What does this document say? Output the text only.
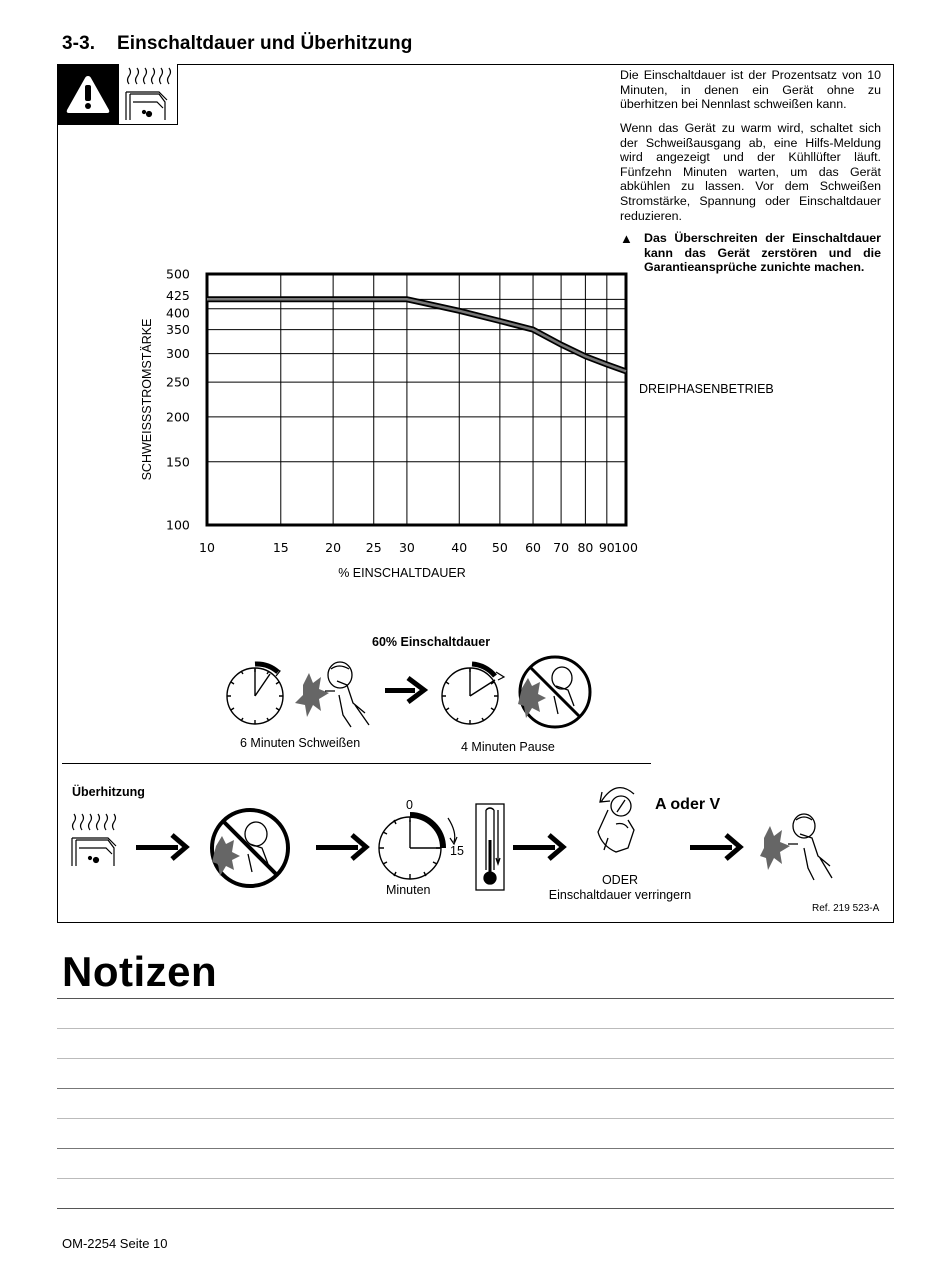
3-3. Einschaltdauer und Überhitzung
Die Einschaltdauer ist der Prozentsatz von 10 Minuten, in denen ein Gerät ohne zu überhitzen bei Nennlast schweißen kann.
Wenn das Gerät zu warm wird, schaltet sich der Schweißausgang ab, eine Hilfs-Meldung wird angezeigt und der Kühllüfter läuft. Fünfzehn Minuten warten, um das Gerät abkühlen zu lassen. Vor dem Schweißen Stromstärke, Spannung oder Einschaltdauer reduzieren.
▲ Das Überschreiten der Einschaltdauer kann das Gerät zerstören und die Garantieansprüche zunichte machen.
10	15	20 25 30	40 50 60 70 80 90 100
100
150
200
250
300
350
400
425
500
SCHWEISSSTROMSTÄRKE
% EINSCHALTDAUER
DREIPHASENBETRIEB
60% Einschaltdauer
6 Minuten Schweißen	4 Minuten Pause
Überhitzung
0
15
A oder V
Minuten
ODER
Einschaltdauer verringern
Ref. 219 523-A
Notizen
OM-2254 Seite 10
